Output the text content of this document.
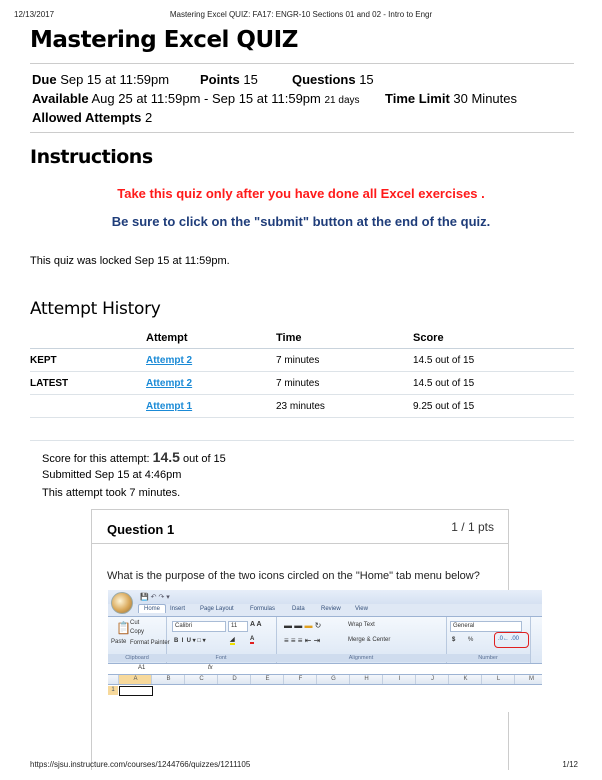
12/13/2017	Mastering Excel QUIZ: FA17: ENGR-10 Sections 01 and 02 - Intro to Engr
Mastering Excel QUIZ
Due Sep 15 at 11:59pm Points 15	Questions 15
Available Aug 25 at 11:59pm - Sep 15 at 11:59pm 21 days Time Limit 30 Minutes
Allowed Attempts 2
Instructions
Take this quiz only after you have done all Excel exercises .
Be sure to click on the "submit" button at the end of the quiz.
This quiz was locked Sep 15 at 11:59pm.
Attempt History
	Attempt	Time	Score
KEPT	Attempt 2	7 minutes	14.5 out of 15
LATEST	Attempt 2	7 minutes	14.5 out of 15
	Attempt 1	23 minutes	9.25 out of 15

Score for this attempt: 14.5 out of 15
Submitted Sep 15 at 4:46pm
This attempt took 7 minutes.
Question 1	1 / 1 pts
What is the purpose of the two icons circled on the "Home" tab menu below?
💾 ↶ ↷ ▾
Home	Insert Page Layout	Formulas	Data	Review View
📋
Paste
Cut
Copy
Format Painter
Clipboard
Calibri	11	A A
B  I  U ▾ □ ▾	◢	A
Font
▬ ▬ ▬ ↻
≡ ≡ ≡ ⇤ ⇥
Wrap Text
Merge & Center
Alignment
General
$ %	.0← .00
Number
A1	fx
A	B	C	D	E	F	G	H	I	J	K	L	M
1
https://sjsu.instructure.com/courses/1244766/quizzes/1211105	1/12
